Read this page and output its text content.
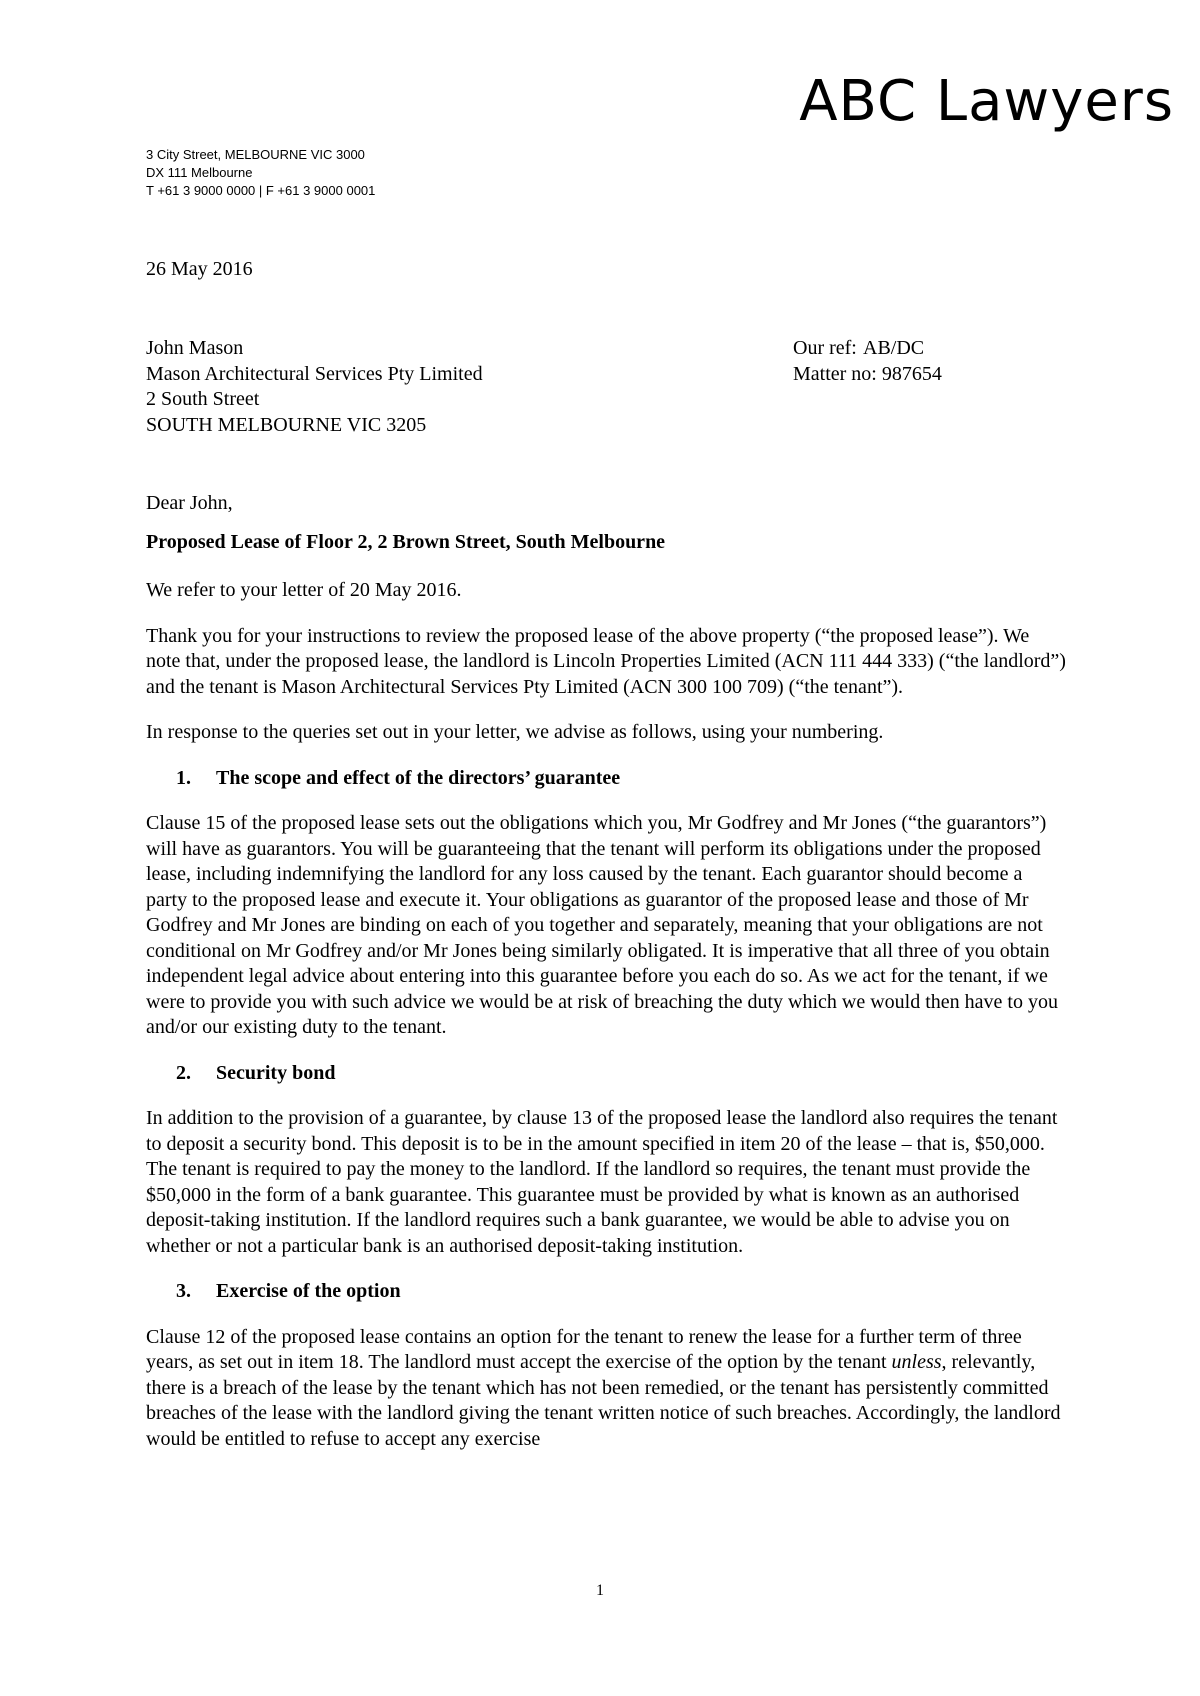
ABC Lawyers
3 City Street, MELBOURNE VIC 3000
DX 111 Melbourne
T +61 3 9000 0000 | F +61 3 9000 0001
26 May 2016
John Mason
Mason Architectural Services Pty Limited
2 South Street
SOUTH MELBOURNE VIC 3205
Our ref: AB/DC
Matter no: 987654

Dear John,

Proposed Lease of Floor 2, 2 Brown Street, South Melbourne

We refer to your letter of 20 May 2016.

Thank you for your instructions to review the proposed lease of the above property (“the proposed lease”). We note that, under the proposed lease, the landlord is Lincoln Properties Limited (ACN 111 444 333) (“the landlord”) and the tenant is Mason Architectural Services Pty Limited (ACN 300 100 709) (“the tenant”).

In response to the queries set out in your letter, we advise as follows, using your numbering.

1. The scope and effect of the directors’ guarantee

Clause 15 of the proposed lease sets out the obligations which you, Mr Godfrey and Mr Jones (“the guarantors”) will have as guarantors. You will be guaranteeing that the tenant will perform its obligations under the proposed lease, including indemnifying the landlord for any loss caused by the tenant. Each guarantor should become a party to the proposed lease and execute it. Your obligations as guarantor of the proposed lease and those of Mr Godfrey and Mr Jones are binding on each of you together and separately, meaning that your obligations are not conditional on Mr Godfrey and/or Mr Jones being similarly obligated. It is imperative that all three of you obtain independent legal advice about entering into this guarantee before you each do so. As we act for the tenant, if we were to provide you with such advice we would be at risk of breaching the duty which we would then have to you and/or our existing duty to the tenant.

2. Security bond

In addition to the provision of a guarantee, by clause 13 of the proposed lease the landlord also requires the tenant to deposit a security bond. This deposit is to be in the amount specified in item 20 of the lease – that is, $50,000. The tenant is required to pay the money to the landlord. If the landlord so requires, the tenant must provide the $50,000 in the form of a bank guarantee. This guarantee must be provided by what is known as an authorised deposit-taking institution. If the landlord requires such a bank guarantee, we would be able to advise you on whether or not a particular bank is an authorised deposit-taking institution.

3. Exercise of the option

Clause 12 of the proposed lease contains an option for the tenant to renew the lease for a further term of three years, as set out in item 18. The landlord must accept the exercise of the option by the tenant unless, relevantly, there is a breach of the lease by the tenant which has not been remedied, or the tenant has persistently committed breaches of the lease with the landlord giving the tenant written notice of such breaches. Accordingly, the landlord would be entitled to refuse to accept any exercise

1
